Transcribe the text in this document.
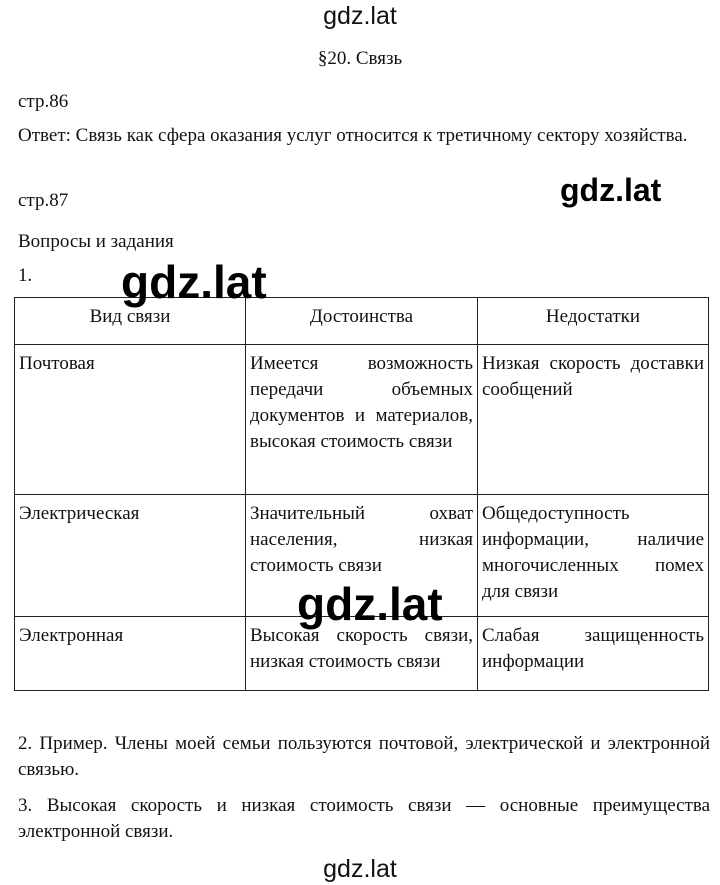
gdz.lat
§20. Связь
стр.86
Ответ: Связь как сфера оказания услуг относится к третичному сектору хозяйства.
стр.87	gdz.lat
Вопросы и задания
1.
Вид связи	Достоинства	Недостатки
Почтовая	Имеется возможность передачи объемных документов и материалов, высокая стоимость связи	Низкая скорость доставки сообщений
Электрическая	Значительный охват населения, низкая стоимость связи	Общедоступность информации, наличие многочисленных помех для связи
Электронная	Высокая скорость связи, низкая стоимость связи	Слабая защищенность информации
gdz.lat
gdz.lat
2. Пример. Члены моей семьи пользуются почтовой, электрической и электронной связью.
3. Высокая скорость и низкая стоимость связи — основные преимущества электронной связи.
gdz.lat
